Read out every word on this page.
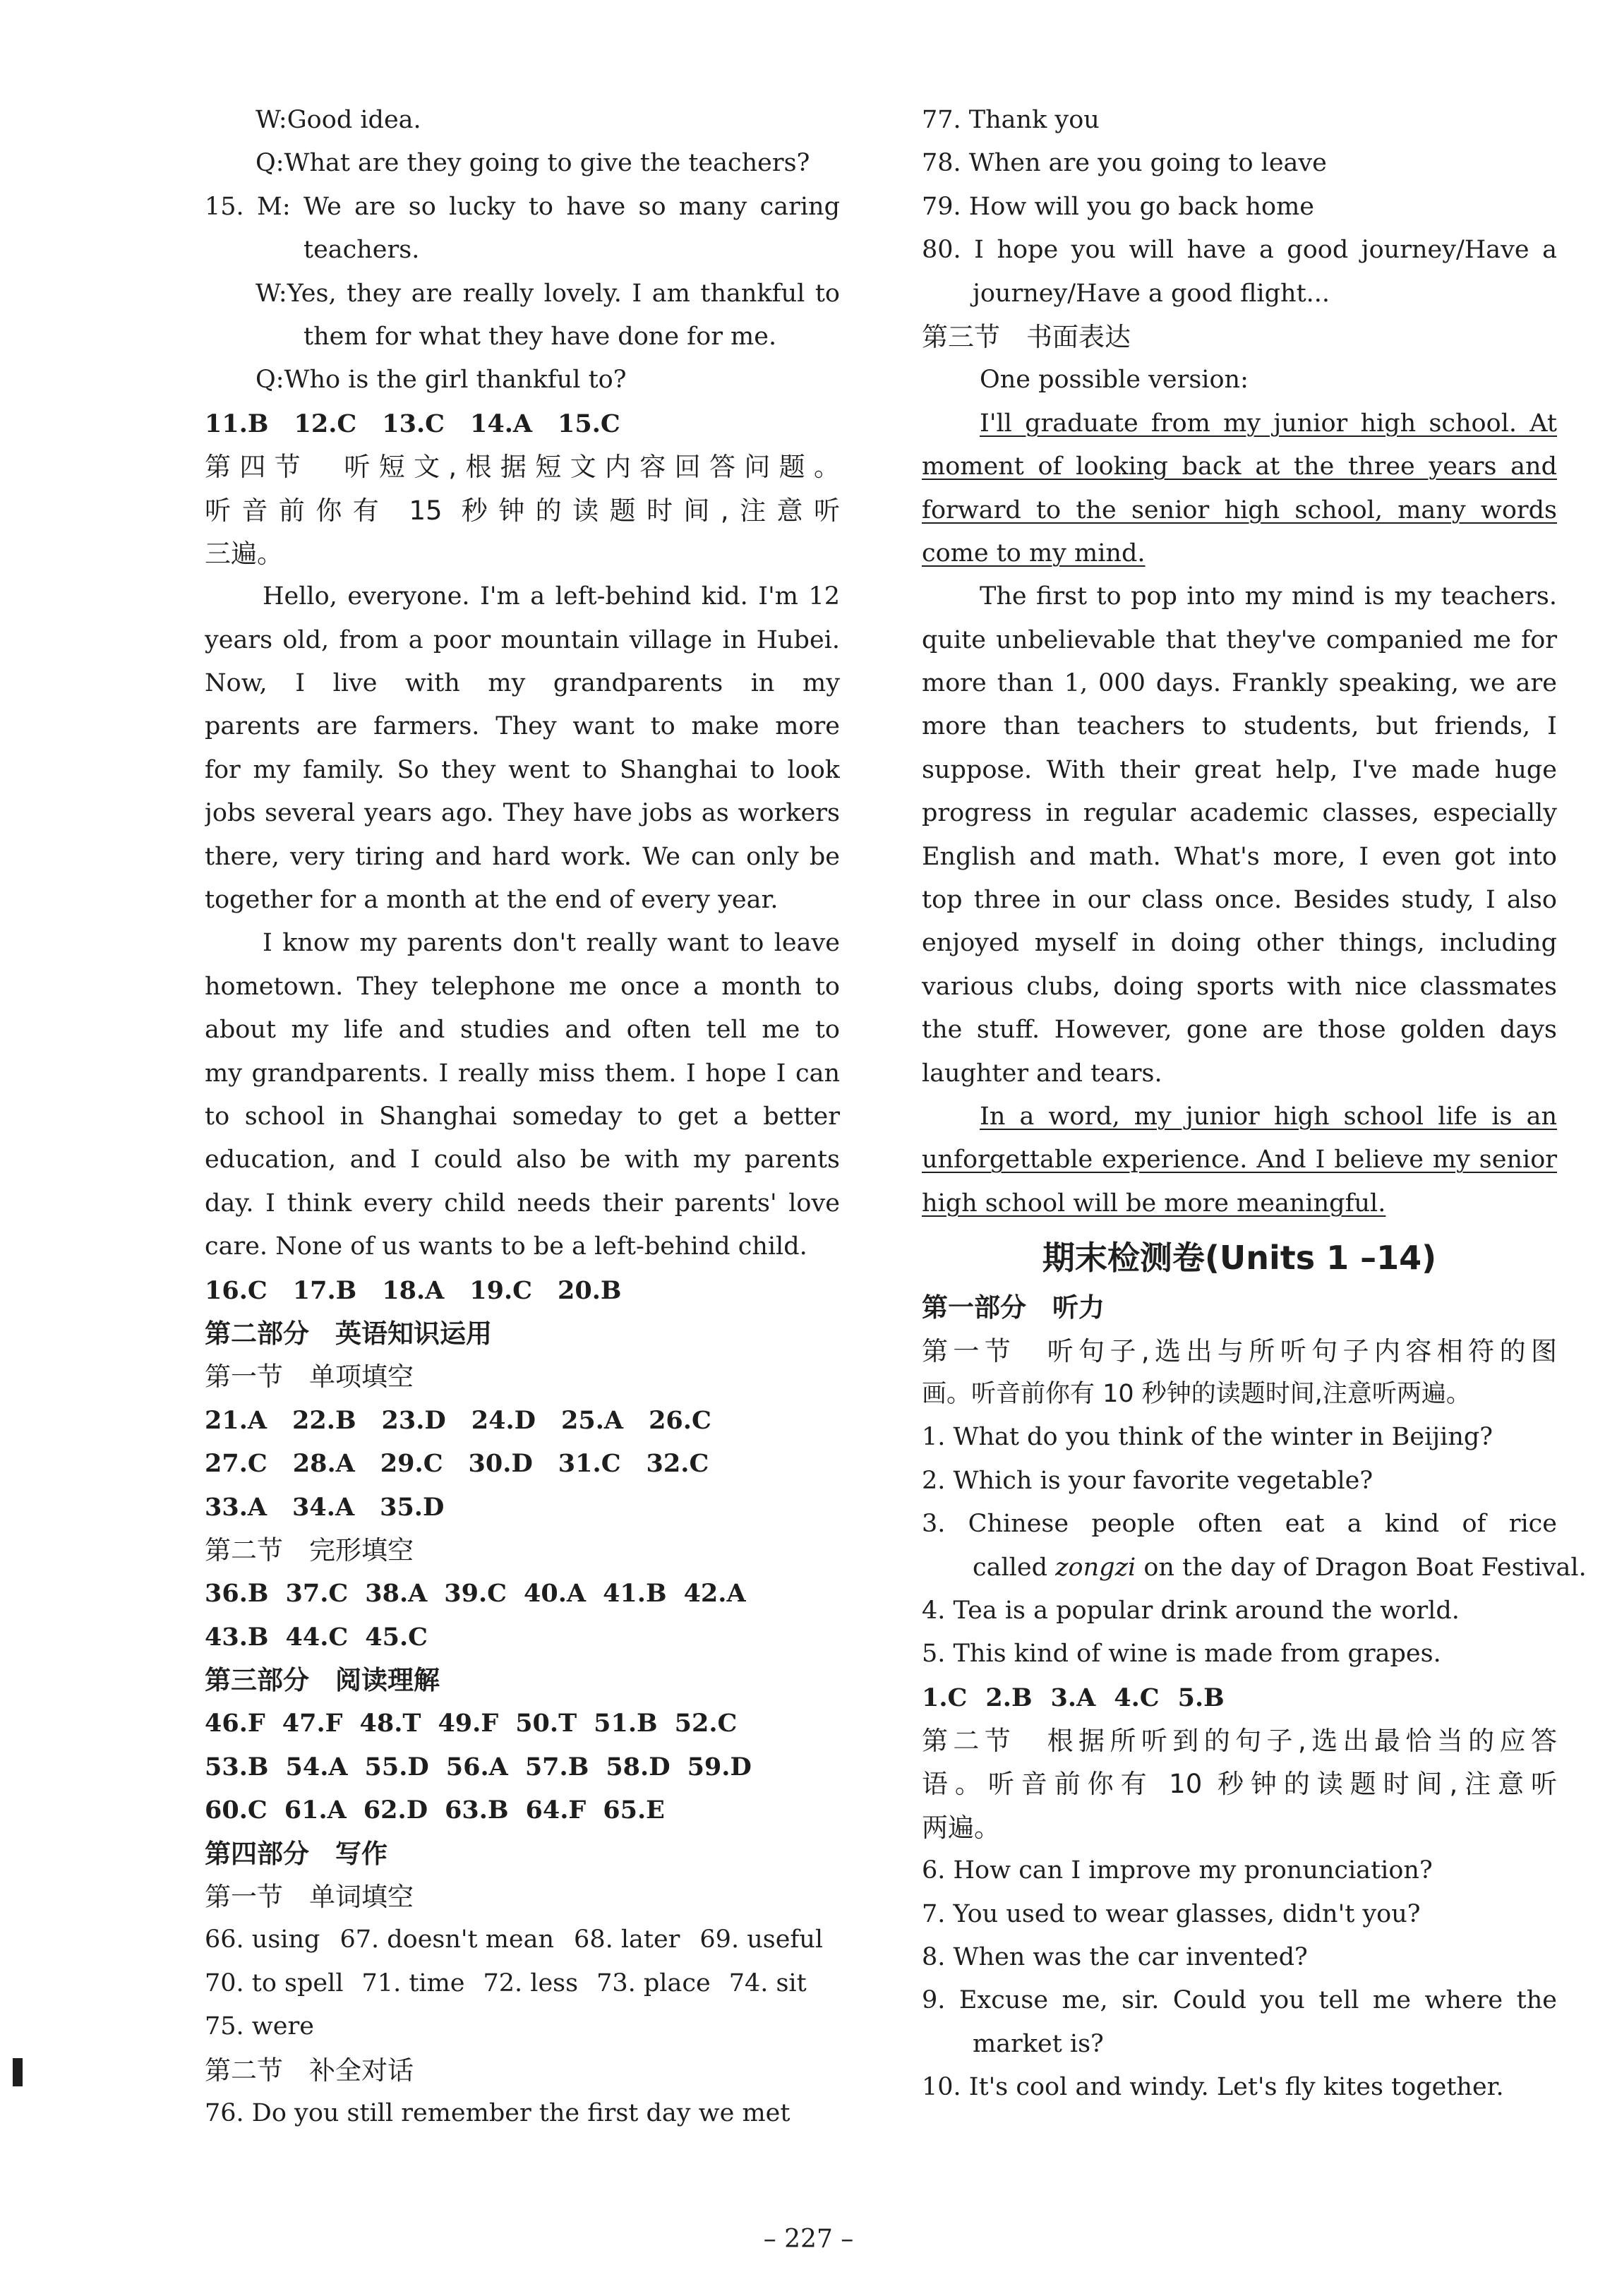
W:Good idea.
Q:What are they going to give the teachers?
15. M: We are so lucky to have so many caring
teachers.
W:Yes, they are really lovely. I am thankful to
them for what they have done for me.
Q:Who is the girl thankful to?
11.B 12.C 13.C 14.A 15.C
第四节　听短文,根据短文内容回答问题。
听音前你有 15 秒钟的读题时间,注意听
三遍。
Hello, everyone. I'm a left-behind kid. I'm 12
years old, from a poor mountain village in Hubei.
Now, I live with my grandparents in my
parents are farmers. They want to make more
for my family. So they went to Shanghai to look
jobs several years ago. They have jobs as workers
there, very tiring and hard work. We can only be
together for a month at the end of every year.
I know my parents don't really want to leave
hometown. They telephone me once a month to
about my life and studies and often tell me to
my grandparents. I really miss them. I hope I can
to school in Shanghai someday to get a better
education, and I could also be with my parents
day. I think every child needs their parents' love
care. None of us wants to be a left-behind child.
16.C 17.B 18.A 19.C 20.B
第二部分　英语知识运用
第一节　单项填空
21.A 22.B 23.D 24.D 25.A 26.C
27.C 28.A 29.C 30.D 31.C 32.C
33.A 34.A 35.D
第二节　完形填空
36.B 37.C 38.A 39.C 40.A 41.B 42.A
43.B 44.C 45.C
第三部分　阅读理解
46.F 47.F 48.T 49.F 50.T 51.B 52.C
53.B 54.A 55.D 56.A 57.B 58.D 59.D
60.C 61.A 62.D 63.B 64.F 65.E
第四部分　写作
第一节　单词填空
66. using 67. doesn't mean 68. later 69. useful
70. to spell 71. time 72. less 73. place 74. sit
75. were
第二节　补全对话
76. Do you still remember the first day we met
77. Thank you
78. When are you going to leave
79. How will you go back home
80. I hope you will have a good journey/Have a
journey/Have a good flight...
第三节　书面表达
One possible version:
I'll graduate from my junior high school. At
moment of looking back at the three years and
forward to the senior high school, many words
come to my mind.
The first to pop into my mind is my teachers.
quite unbelievable that they've companied me for
more than 1, 000 days. Frankly speaking, we are
more than teachers to students, but friends, I
suppose. With their great help, I've made huge
progress in regular academic classes, especially
English and math. What's more, I even got into
top three in our class once. Besides study, I also
enjoyed myself in doing other things, including
various clubs, doing sports with nice classmates
the stuff. However, gone are those golden days
laughter and tears.
In a word, my junior high school life is an
unforgettable experience. And I believe my senior
high school will be more meaningful.
期末检测卷(Units 1 –14)
第一部分　听力
第一节　听句子,选出与所听句子内容相符的图
画。听音前你有 10 秒钟的读题时间,注意听两遍。
1. What do you think of the winter in Beijing?
2. Which is your favorite vegetable?
3. Chinese people often eat a kind of rice
called zongzi on the day of Dragon Boat Festival.
4. Tea is a popular drink around the world.
5. This kind of wine is made from grapes.
1.C 2.B 3.A 4.C 5.B
第二节　根据所听到的句子,选出最恰当的应答
语。听音前你有 10 秒钟的读题时间,注意听
两遍。
6. How can I improve my pronunciation?
7. You used to wear glasses, didn't you?
8. When was the car invented?
9. Excuse me, sir. Could you tell me where the
market is?
10. It's cool and windy. Let's fly kites together.
– 227 –
